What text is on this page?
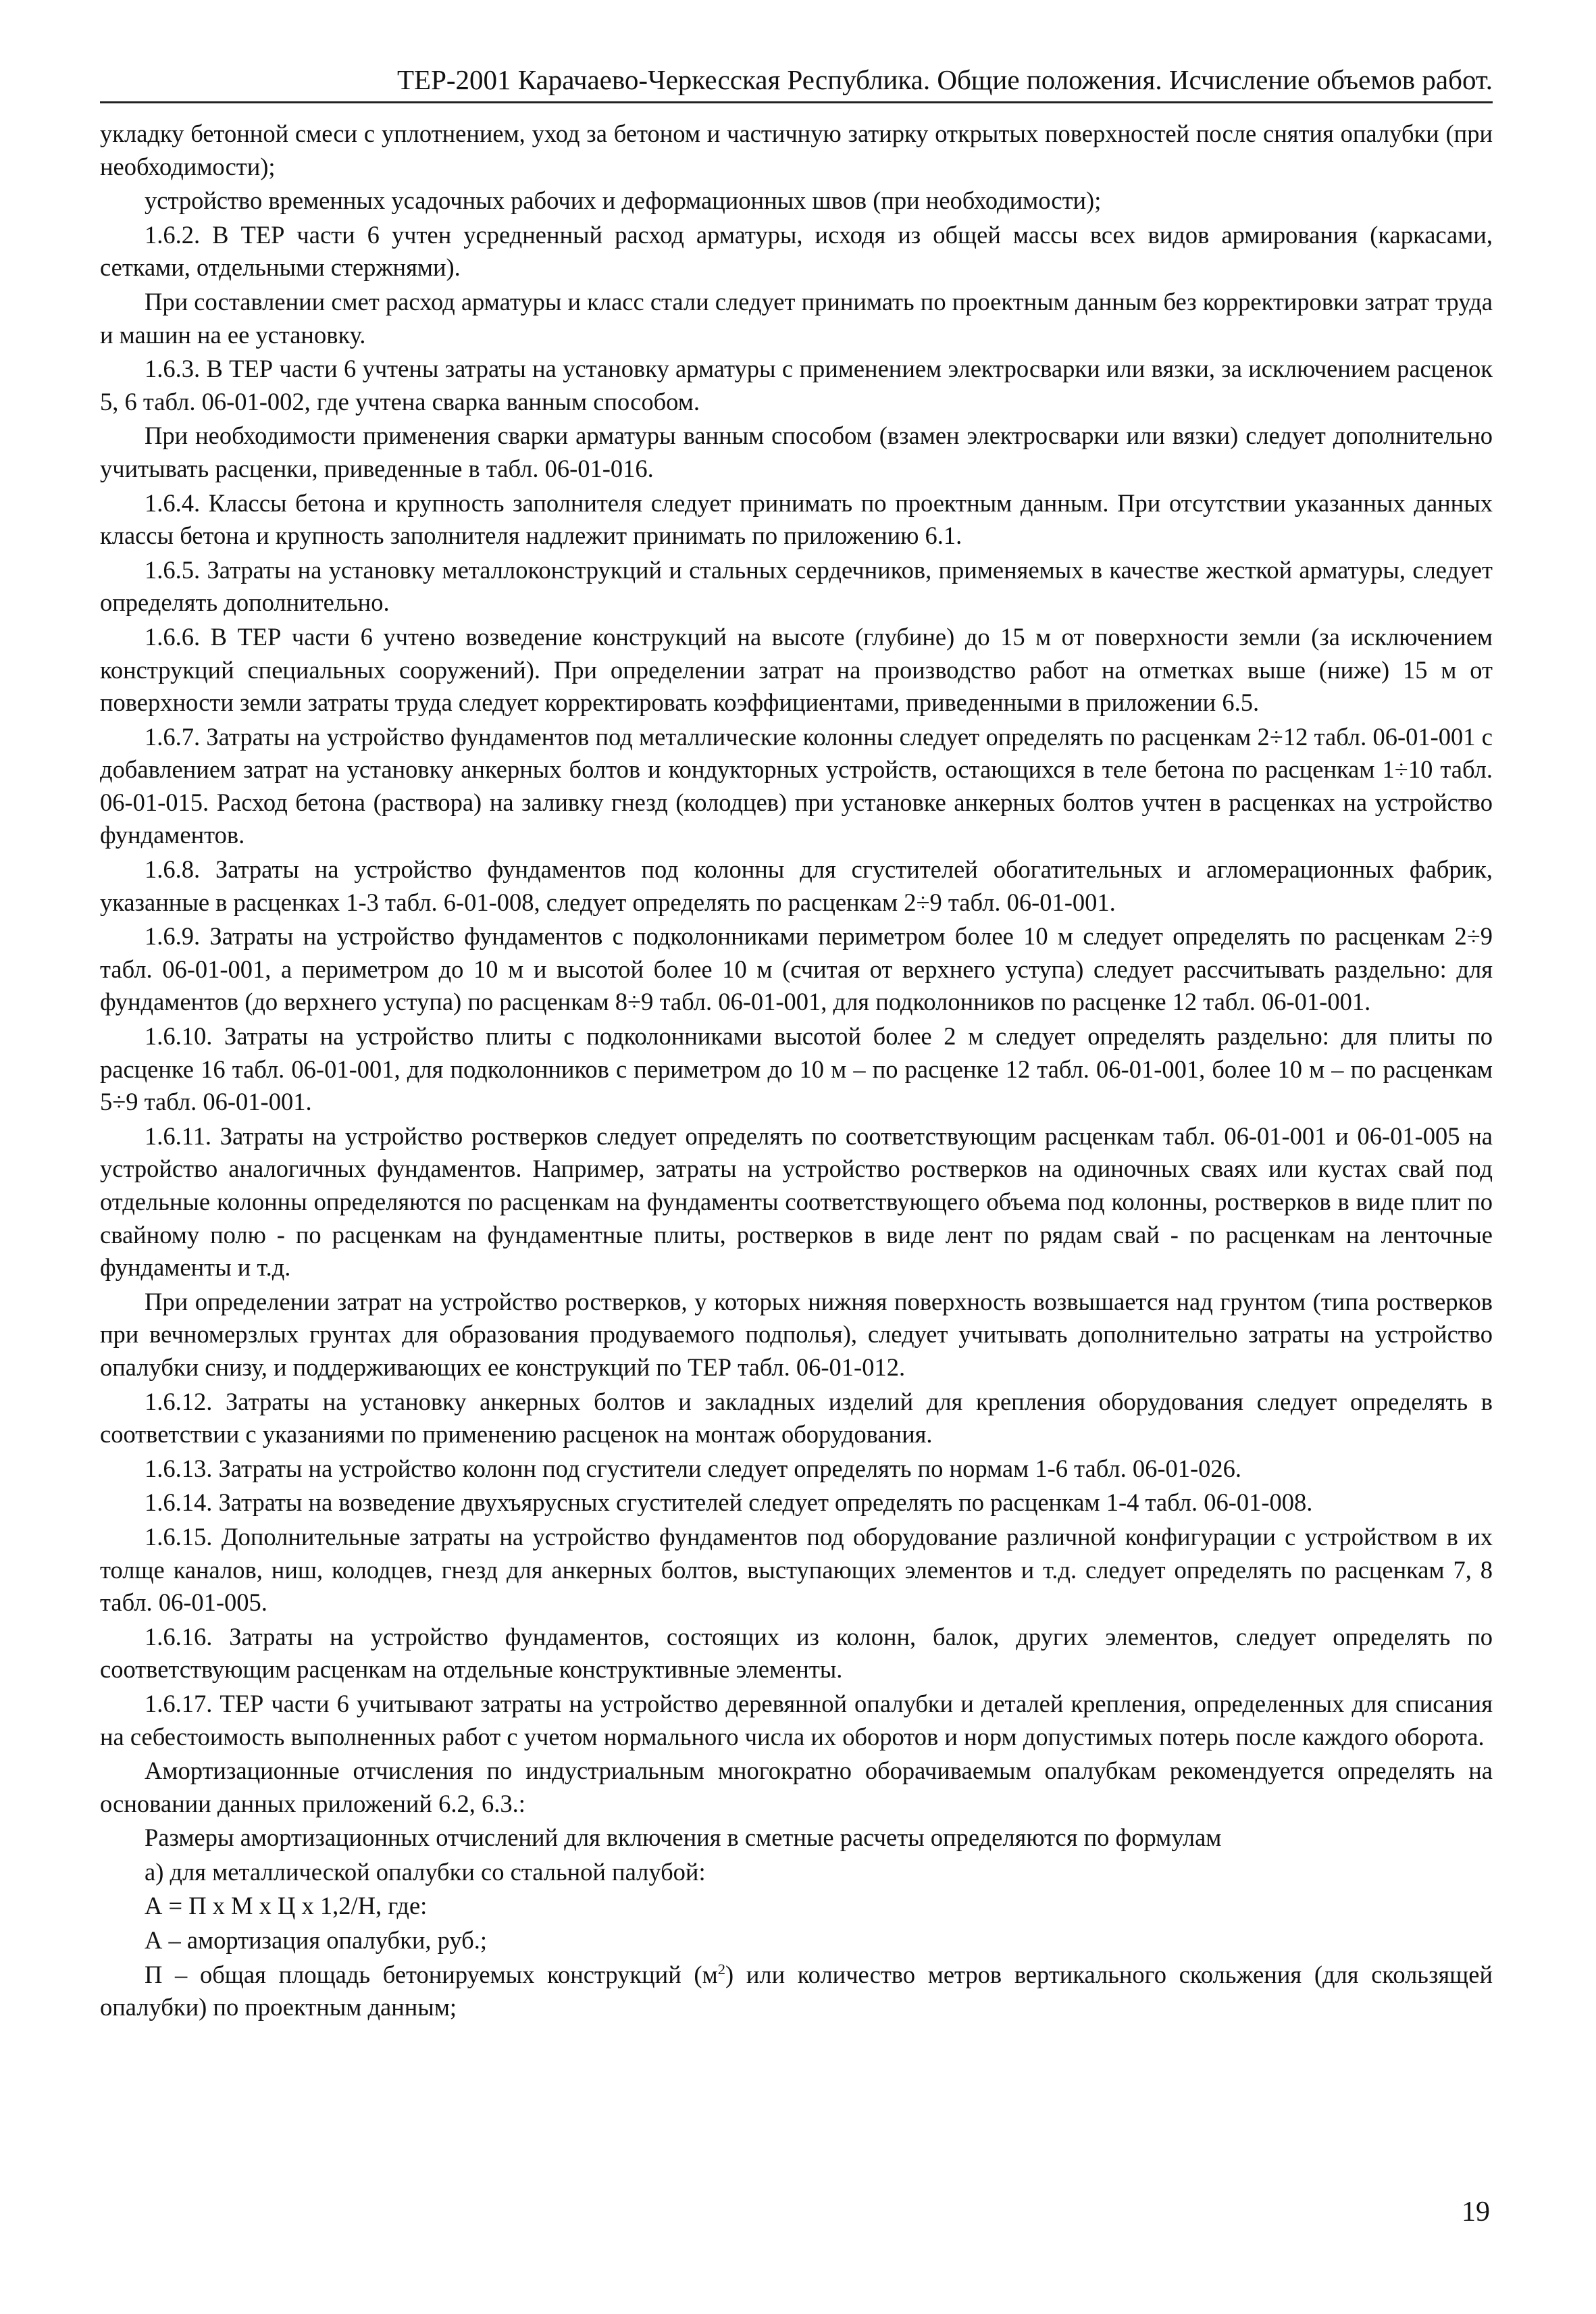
ТЕР-2001 Карачаево-Черкесская Республика. Общие положения. Исчисление объемов работ.

укладку бетонной смеси с уплотнением, уход за бетоном и частичную затирку открытых поверхностей после снятия опалубки (при необходимости);

устройство временных усадочных рабочих и деформационных швов (при необходимости);

1.6.2. В ТЕР части 6 учтен усредненный расход арматуры, исходя из общей массы всех видов армирования (каркасами, сетками, отдельными стержнями).

При составлении смет расход арматуры и класс стали следует принимать по проектным данным без корректировки затрат труда и машин на ее установку.

1.6.3. В ТЕР части 6 учтены затраты на установку арматуры с применением электросварки или вязки, за исключением расценок 5, 6 табл. 06-01-002, где учтена сварка ванным способом.

При необходимости применения сварки арматуры ванным способом (взамен электросварки или вязки) следует дополнительно учитывать расценки, приведенные в табл. 06-01-016.

1.6.4. Классы бетона и крупность заполнителя следует принимать по проектным данным. При отсутствии указанных данных классы бетона и крупность заполнителя надлежит принимать по приложению 6.1.

1.6.5. Затраты на установку металлоконструкций и стальных сердечников, применяемых в качестве жесткой арматуры, следует определять дополнительно.

1.6.6. В ТЕР части 6 учтено возведение конструкций на высоте (глубине) до 15 м от поверхности земли (за исключением конструкций специальных сооружений). При определении затрат на производство работ на отметках выше (ниже) 15 м от поверхности земли затраты труда следует корректировать коэффициентами, приведенными в приложении 6.5.

1.6.7. Затраты на устройство фундаментов под металлические колонны следует определять по расценкам 2÷12 табл. 06-01-001 с добавлением затрат на установку анкерных болтов и кондукторных устройств, остающихся в теле бетона по расценкам 1÷10 табл. 06-01-015. Расход бетона (раствора) на заливку гнезд (колодцев) при установке анкерных болтов учтен в расценках на устройство фундаментов.

1.6.8. Затраты на устройство фундаментов под колонны для сгустителей обогатительных и агломерационных фабрик, указанные в расценках 1-3 табл. 6-01-008, следует определять по расценкам 2÷9 табл. 06-01-001.

1.6.9. Затраты на устройство фундаментов с подколонниками периметром более 10 м следует определять по расценкам 2÷9 табл. 06-01-001, а периметром до 10 м и высотой более 10 м (считая от верхнего уступа) следует рассчитывать раздельно: для фундаментов (до верхнего уступа) по расценкам 8÷9 табл. 06-01-001, для подколонников по расценке 12 табл. 06-01-001.

1.6.10. Затраты на устройство плиты с подколонниками высотой более 2 м следует определять раздельно: для плиты по расценке 16 табл. 06-01-001, для подколонников с периметром до 10 м – по расценке 12 табл. 06-01-001, более 10 м – по расценкам 5÷9 табл. 06-01-001.

1.6.11. Затраты на устройство ростверков следует определять по соответствующим расценкам табл. 06-01-001 и 06-01-005 на устройство аналогичных фундаментов. Например, затраты на устройство ростверков на одиночных сваях или кустах свай под отдельные колонны определяются по расценкам на фундаменты соответствующего объема под колонны, ростверков в виде плит по свайному полю - по расценкам на фундаментные плиты, ростверков в виде лент по рядам свай - по расценкам на ленточные фундаменты и т.д.

При определении затрат на устройство ростверков, у которых нижняя поверхность возвышается над грунтом (типа ростверков при вечномерзлых грунтах для образования продуваемого подполья), следует учитывать дополнительно затраты на устройство опалубки снизу, и поддерживающих ее конструкций по ТЕР табл. 06-01-012.

1.6.12. Затраты на установку анкерных болтов и закладных изделий для крепления оборудования следует определять в соответствии с указаниями по применению расценок на монтаж оборудования.

1.6.13. Затраты на устройство колонн под сгустители следует определять по нормам 1-6 табл. 06-01-026.

1.6.14. Затраты на возведение двухъярусных сгустителей следует определять по расценкам 1-4 табл. 06-01-008.

1.6.15. Дополнительные затраты на устройство фундаментов под оборудование различной конфигурации с устройством в их толще каналов, ниш, колодцев, гнезд для анкерных болтов, выступающих элементов и т.д. следует определять по расценкам 7, 8 табл. 06-01-005.

1.6.16. Затраты на устройство фундаментов, состоящих из колонн, балок, других элементов, следует определять по соответствующим расценкам на отдельные конструктивные элементы.

1.6.17. ТЕР части 6 учитывают затраты на устройство деревянной опалубки и деталей крепления, определенных для списания на себестоимость выполненных работ с учетом нормального числа их оборотов и норм допустимых потерь после каждого оборота.

Амортизационные отчисления по индустриальным многократно оборачиваемым опалубкам рекомендуется определять на основании данных приложений 6.2, 6.3.:

Размеры амортизационных отчислений для включения в сметные расчеты определяются по формулам

а) для металлической опалубки со стальной палубой:

А = П х М х Ц х 1,2/Н, где:

А – амортизация опалубки, руб.;

П – общая площадь бетонируемых конструкций $(м^2)$ или количество метров вертикального скольжения (для скользящей опалубки) по проектным данным;

19
